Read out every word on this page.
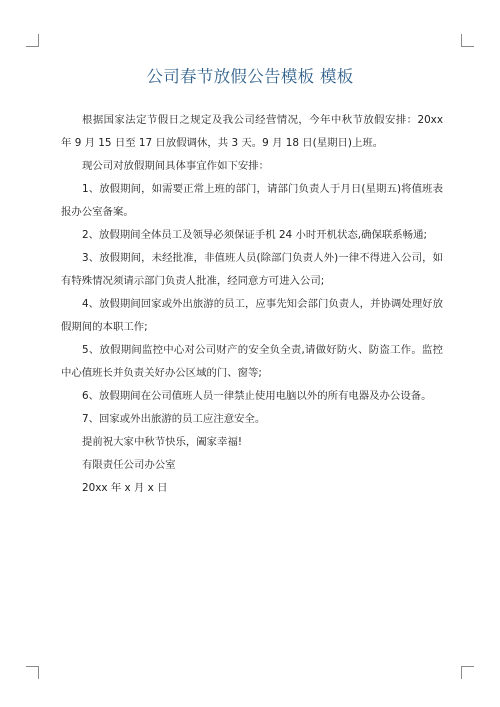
公司春节放假公告模板 模板

根据国家法定节假日之规定及我公司经营情况，今年中秋节放假安排：20xx 年 9 月 15 日至 17 日放假调休，共 3 天。9 月 18 日(星期日)上班。

现公司对放假期间具体事宜作如下安排：

1、放假期间，如需要正常上班的部门，请部门负责人于月日(星期五)将值班表报办公室备案。

2、放假期间全体员工及领导必须保证手机 24 小时开机状态,确保联系畅通;

3、放假期间，未经批准，非值班人员(除部门负责人外)一律不得进入公司，如有特殊情况须请示部门负责人批准，经同意方可进入公司;

4、放假期间回家或外出旅游的员工，应事先知会部门负责人，并协调处理好放假期间的本职工作;

5、放假期间监控中心对公司财产的安全负全责,请做好防火、防盗工作。监控中心值班长并负责关好办公区域的门、窗等;

6、放假期间在公司值班人员一律禁止使用电脑以外的所有电器及办公设备。

7、回家或外出旅游的员工应注意安全。

提前祝大家中秋节快乐，阖家幸福!

有限责任公司办公室

20xx 年 x 月 x 日
